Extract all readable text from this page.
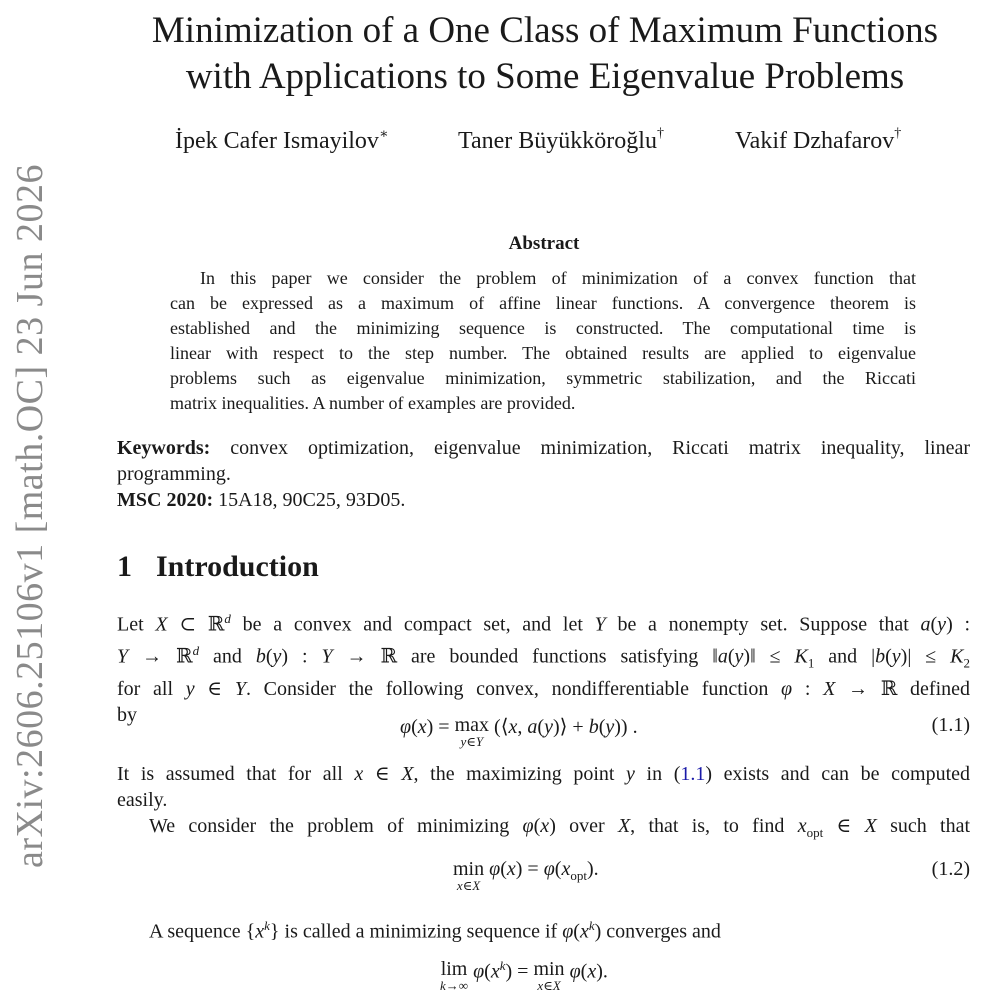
arXiv:2606.25106v1 [math.OC] 23 Jun 2026
Minimization of a One Class of Maximum Functions
with Applications to Some Eigenvalue Problems
İpek Cafer Ismayilov∗	Taner Büyükköroğlu†	Vakif Dzhafarov†
Abstract
In this paper we consider the problem of minimization of a convex function that
can be expressed as a maximum of affine linear functions. A convergence theorem is
established and the minimizing sequence is constructed. The computational time is
linear with respect to the step number. The obtained results are applied to eigenvalue
problems such as eigenvalue minimization, symmetric stabilization, and the Riccati
matrix inequalities. A number of examples are provided.
Keywords: convex optimization, eigenvalue minimization, Riccati matrix inequality, linear
programming.
MSC 2020: 15A18, 90C25, 93D05.
1 Introduction
Let X ⊂ ℝ$^d$ be a convex and compact set, and let Y be a nonempty set. Suppose that a(y) :
Y → ℝ$^d$ and b(y) : Y → ℝ are bounded functions satisfying ‖a(y)‖ ≤ $K_1$ and $|b(y)| \le K_2$
for all y ∈ Y. Consider the following convex, nondifferentiable function φ : X → ℝ defined
by
φ(x) = max
y∈Y
(⟨x, a(y)⟩ + b(y)) .	(1.1)
It is assumed that for all x ∈ X, the maximizing point y in (1.1) exists and can be computed
easily.
We consider the problem of minimizing φ(x) over X, that is, to find $x_{opt}$ ∈ X such that
min
x∈X
$\varphi(x) = \varphi(x_{opt})$.	(1.2)
A sequence $\{x^k\}$ is called a minimizing sequence if $\varphi(x^k)$ converges and
lim
k→∞
$\varphi(x^k) = \min$
x∈X
φ(x).
